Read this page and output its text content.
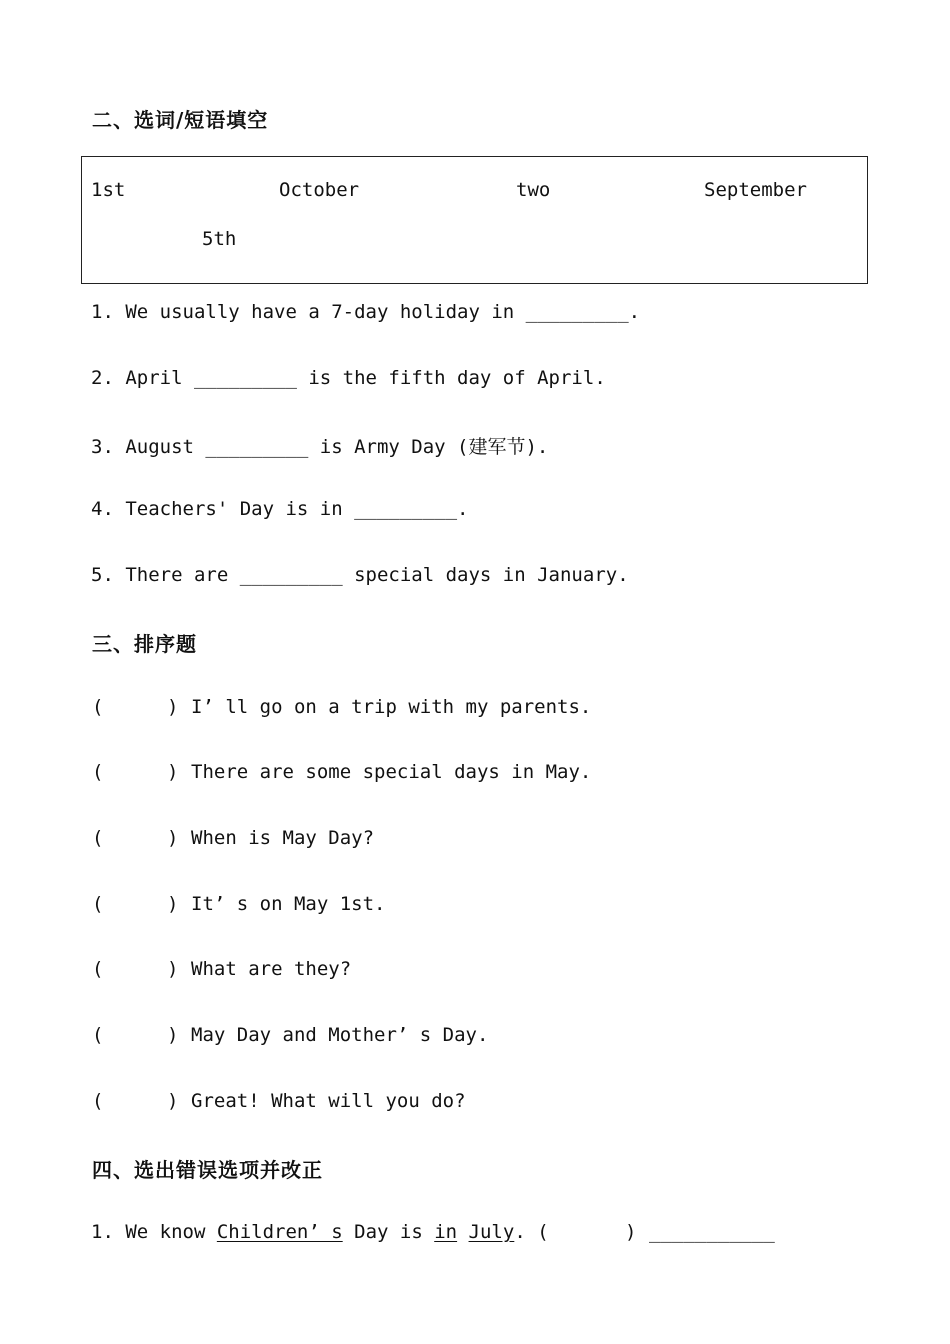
二、选词/短语填空
1st	October	two	September
5th
1. We usually have a 7-day holiday in _________.
2. April _________ is the fifth day of April.
3. August _________ is Army Day (建军节).
4. Teachers' Day is in _________.
5. There are _________ special days in January.
三、排序题
(	) I’ ll go on a trip with my parents.
(	) There are some special days in May.
(	) When is May Day?
(	) It’ s on May 1st.
(	) What are they?
(	) May Day and Mother’ s Day.
(	) Great! What will you do?
四、选出错误选项并改正
1. We know Children’ s Day is in July. (	) ___________
